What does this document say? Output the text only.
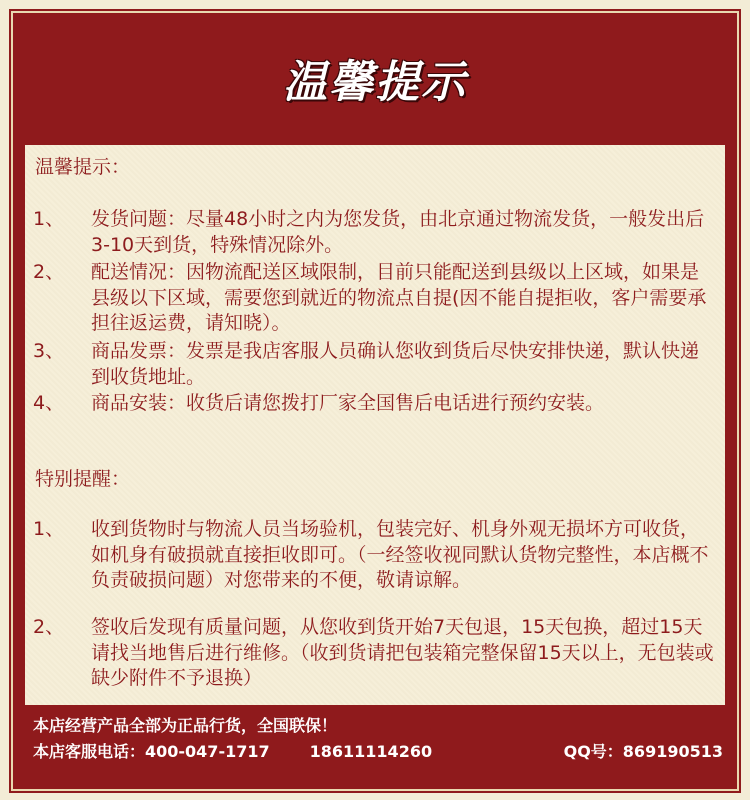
温馨提示
温馨提示：
1、	发货问题：尽量48小时之内为您发货，由北京通过物流发货，一般发出后3-10天到货，特殊情况除外。
2、	配送情况：因物流配送区域限制，目前只能配送到县级以上区域，如果是县级以下区域，需要您到就近的物流点自提(因不能自提拒收，客户需要承担往返运费，请知晓）。
3、	商品发票：发票是我店客服人员确认您收到货后尽快安排快递，默认快递到收货地址。
4、	商品安装：收货后请您拨打厂家全国售后电话进行预约安装。
特别提醒：
1、	收到货物时与物流人员当场验机，包装完好、机身外观无损坏方可收货，如机身有破损就直接拒收即可。（一经签收视同默认货物完整性，本店概不负责破损问题）对您带来的不便，敬请谅解。
2、	签收后发现有质量问题，从您收到货开始7天包退，15天包换，超过15天请找当地售后进行维修。（收到货请把包装箱完整保留15天以上，无包装或缺少附件不予退换）
本店经营产品全部为正品行货，全国联保！
本店客服电话：400-047-1717	18611114260	QQ号：869190513
